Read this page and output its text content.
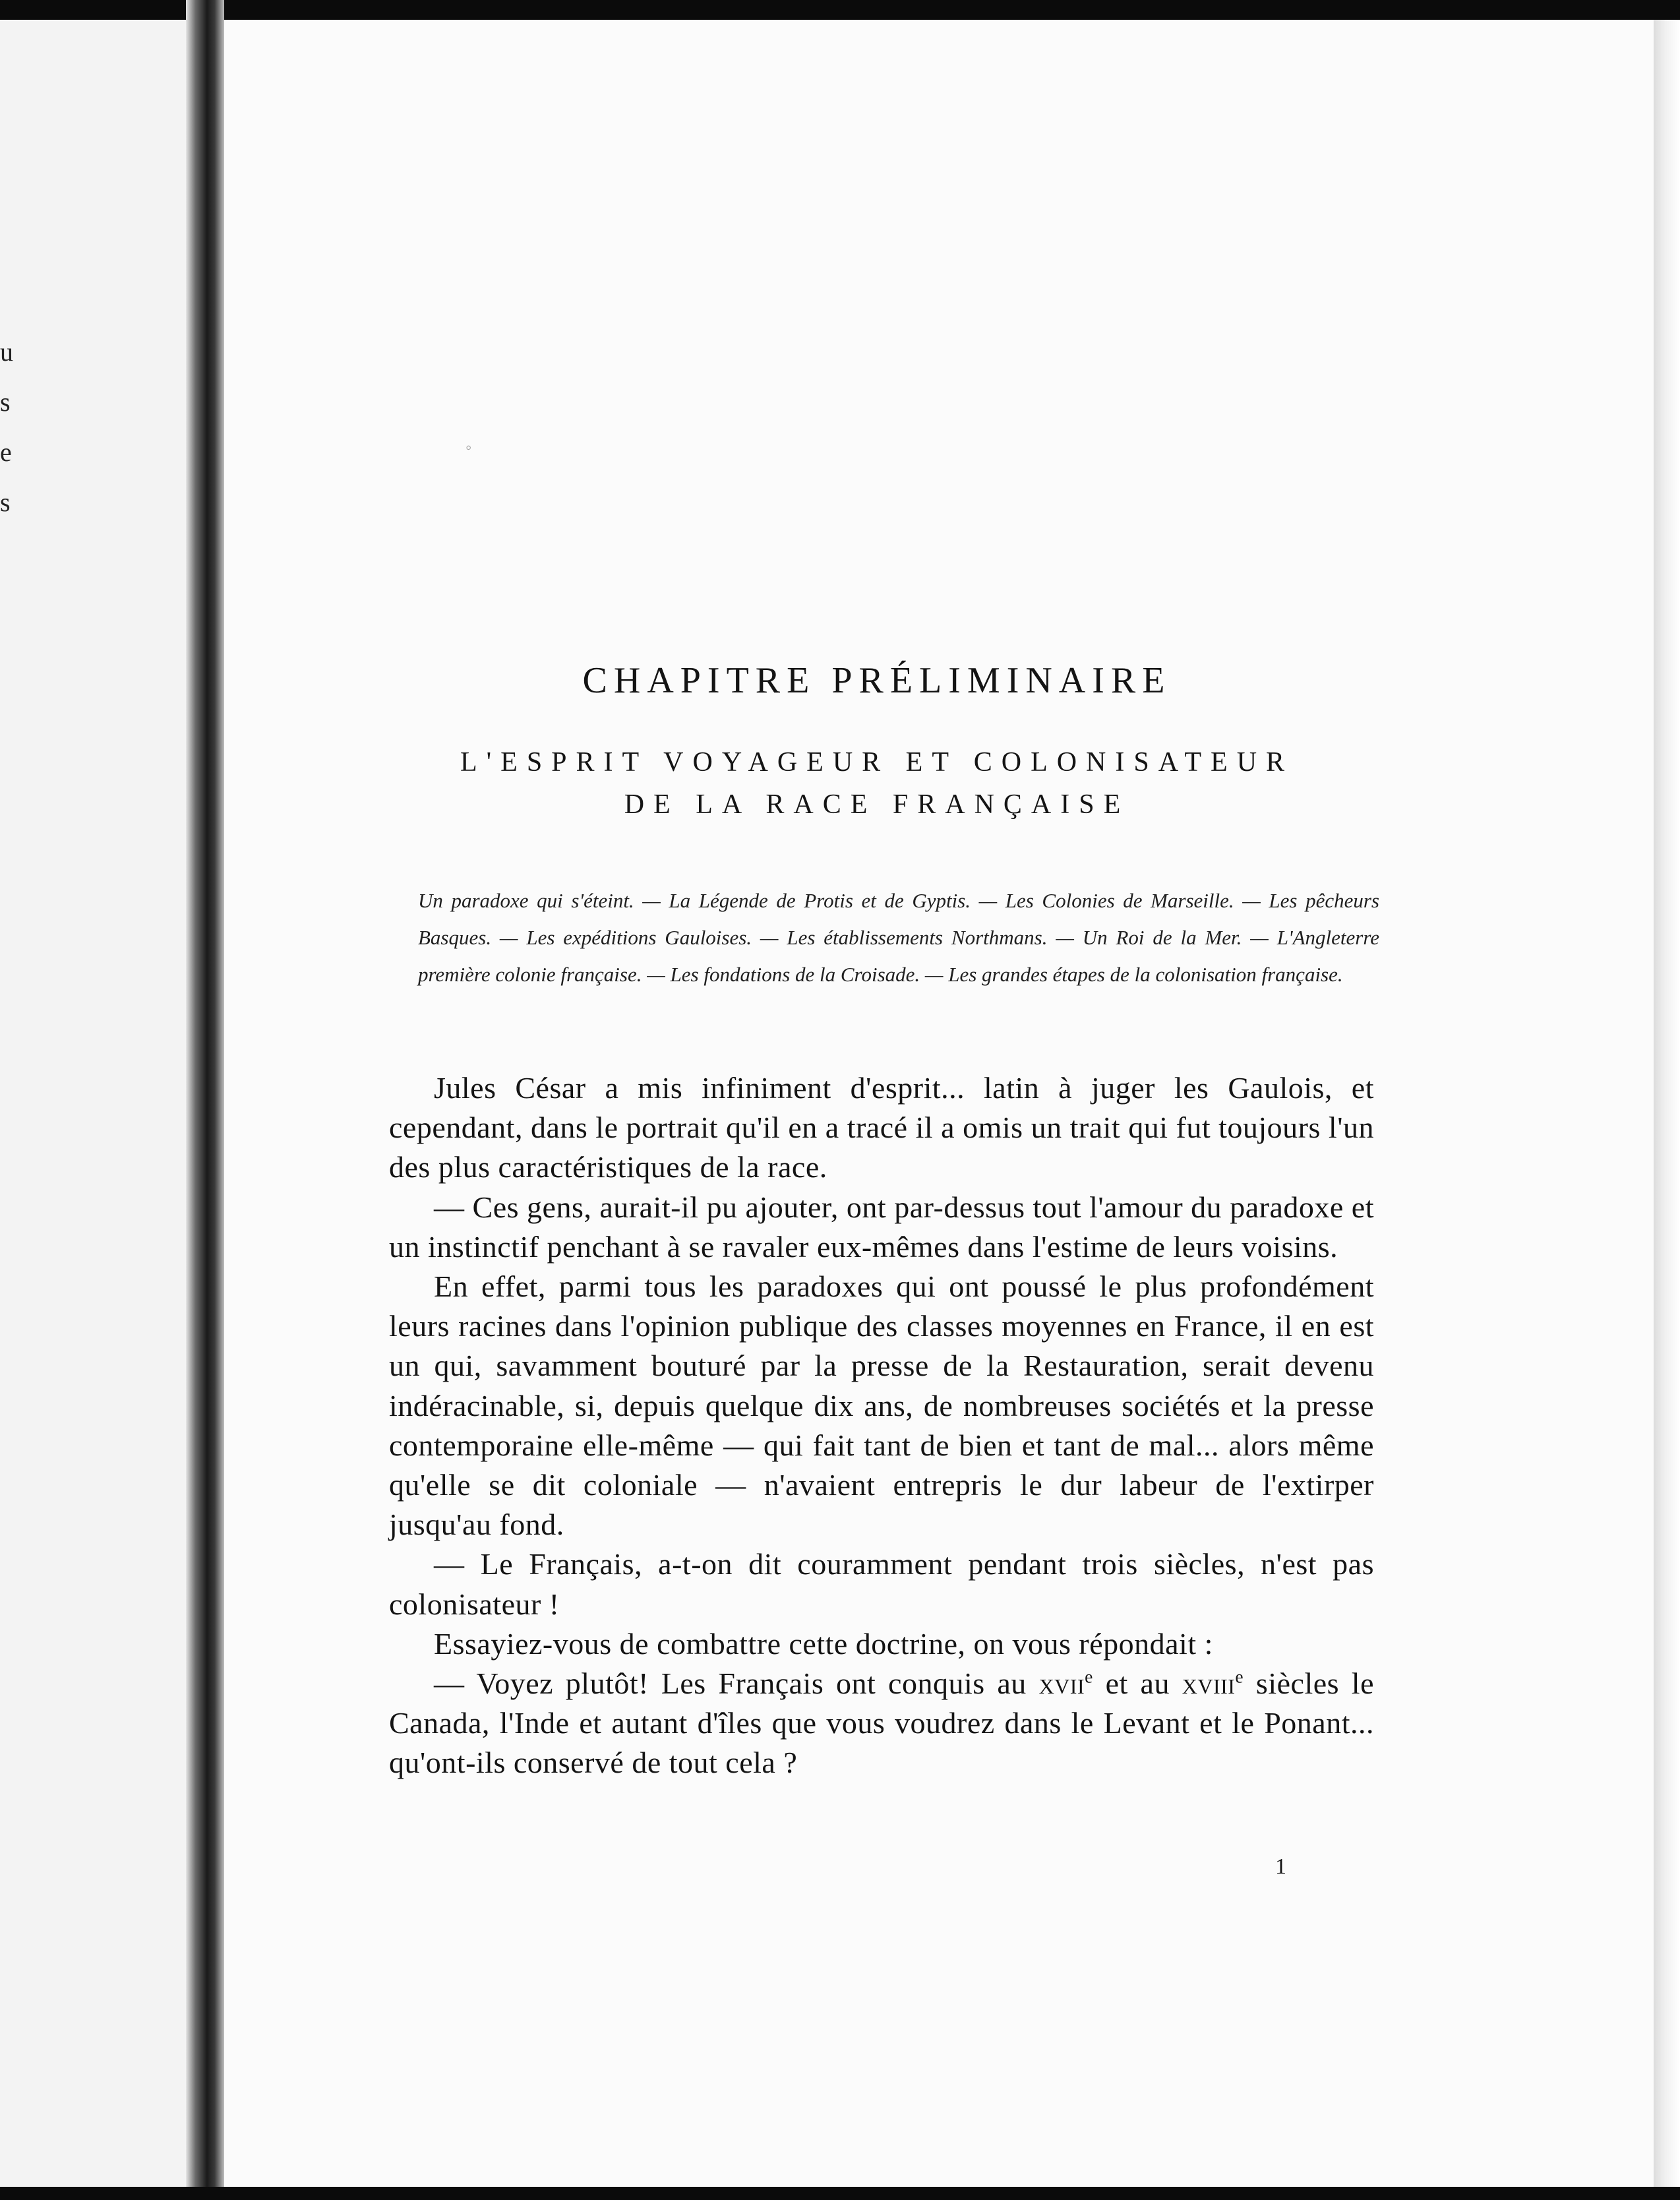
u
s
e
s
◦
CHAPITRE PRÉLIMINAIRE
L'ESPRIT VOYAGEUR ET COLONISATEUR
DE LA RACE FRANÇAISE
Un paradoxe qui s'éteint. — La Légende de Protis et de Gyptis. — Les Colonies de Marseille. — Les pêcheurs Basques. — Les expéditions Gauloises. — Les établissements Northmans. — Un Roi de la Mer. — L'Angleterre première colonie française. — Les fondations de la Croisade. — Les grandes étapes de la colonisation française.

Jules César a mis infiniment d'esprit... latin à juger les Gaulois, et cependant, dans le portrait qu'il en a tracé il a omis un trait qui fut toujours l'un des plus caractéristiques de la race.

— Ces gens, aurait-il pu ajouter, ont par-dessus tout l'amour du paradoxe et un instinctif penchant à se ravaler eux-mêmes dans l'estime de leurs voisins.

En effet, parmi tous les paradoxes qui ont poussé le plus profondément leurs racines dans l'opinion publique des classes moyennes en France, il en est un qui, savamment bouturé par la presse de la Restauration, serait devenu indéracinable, si, depuis quelque dix ans, de nombreuses sociétés et la presse contemporaine elle-même — qui fait tant de bien et tant de mal... alors même qu'elle se dit coloniale — n'avaient entrepris le dur labeur de l'extirper jusqu'au fond.

— Le Français, a-t-on dit couramment pendant trois siècles, n'est pas colonisateur !

Essayiez-vous de combattre cette doctrine, on vous répondait :

— Voyez plutôt! Les Français ont conquis au xvii$^e$ et au xviii$^e$ siècles le Canada, l'Inde et autant d'îles que vous voudrez dans le Levant et le Ponant... qu'ont-ils conservé de tout cela ?

1
